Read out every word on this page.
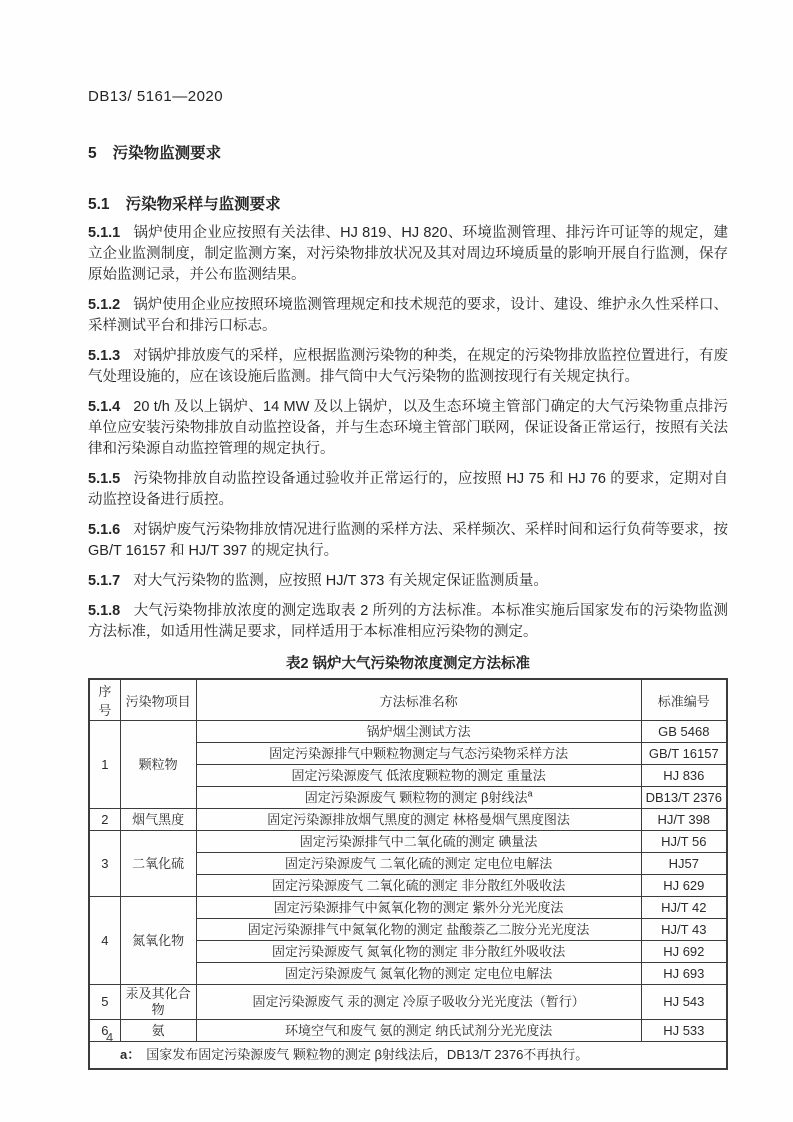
DB13/ 5161—2020
5 污染物监测要求
5.1 污染物采样与监测要求

5.1.1 锅炉使用企业应按照有关法律、HJ 819、HJ 820、环境监测管理、排污许可证等的规定，建立企业监测制度，制定监测方案，对污染物排放状况及其对周边环境质量的影响开展自行监测，保存原始监测记录，并公布监测结果。

5.1.2 锅炉使用企业应按照环境监测管理规定和技术规范的要求，设计、建设、维护永久性采样口、采样测试平台和排污口标志。

5.1.3 对锅炉排放废气的采样，应根据监测污染物的种类，在规定的污染物排放监控位置进行，有废气处理设施的，应在该设施后监测。排气筒中大气污染物的监测按现行有关规定执行。

5.1.4 20 t/h 及以上锅炉、14 MW 及以上锅炉，以及生态环境主管部门确定的大气污染物重点排污单位应安装污染物排放自动监控设备，并与生态环境主管部门联网，保证设备正常运行，按照有关法律和污染源自动监控管理的规定执行。

5.1.5 污染物排放自动监控设备通过验收并正常运行的，应按照 HJ 75 和 HJ 76 的要求，定期对自动监控设备进行质控。

5.1.6 对锅炉废气污染物排放情况进行监测的采样方法、采样频次、采样时间和运行负荷等要求，按 GB/T 16157 和 HJ/T 397 的规定执行。

5.1.7 对大气污染物的监测，应按照 HJ/T 373 有关规定保证监测质量。

5.1.8 大气污染物排放浓度的测定选取表 2 所列的方法标准。本标准实施后国家发布的污染物监测方法标准，如适用性满足要求，同样适用于本标准相应污染物的测定。

表2 锅炉大气污染物浓度测定方法标准
序号	污染物项目	方法标准名称	标准编号
1	颗粒物	锅炉烟尘测试方法	GB 5468
		固定污染源排气中颗粒物测定与气态污染物采样方法	GB/T 16157
		固定污染源废气 低浓度颗粒物的测定 重量法	HJ 836
		固定污染源废气 颗粒物的测定 β射线法$^a$	DB13/T 2376
2	烟气黑度	固定污染源排放烟气黑度的测定 林格曼烟气黑度图法	HJ/T 398
3	二氧化硫	固定污染源排气中二氧化硫的测定 碘量法	HJ/T 56
		固定污染源废气 二氧化硫的测定 定电位电解法	HJ57
		固定污染源废气 二氧化硫的测定 非分散红外吸收法	HJ 629
4	氮氧化物	固定污染源排气中氮氧化物的测定 紫外分光光度法	HJ/T 42
		固定污染源排气中氮氧化物的测定 盐酸萘乙二胺分光光度法	HJ/T 43
		固定污染源废气 氮氧化物的测定 非分散红外吸收法	HJ 692
		固定污染源废气 氮氧化物的测定 定电位电解法	HJ 693
5	汞及其化合物	固定污染源废气 汞的测定 冷原子吸收分光光度法（暂行）	HJ 543
6	氨	环境空气和废气 氨的测定 纳氏试剂分光光度法	HJ 533
a： 国家发布固定污染源废气 颗粒物的测定 β射线法后，DB13/T 2376不再执行。			
4
